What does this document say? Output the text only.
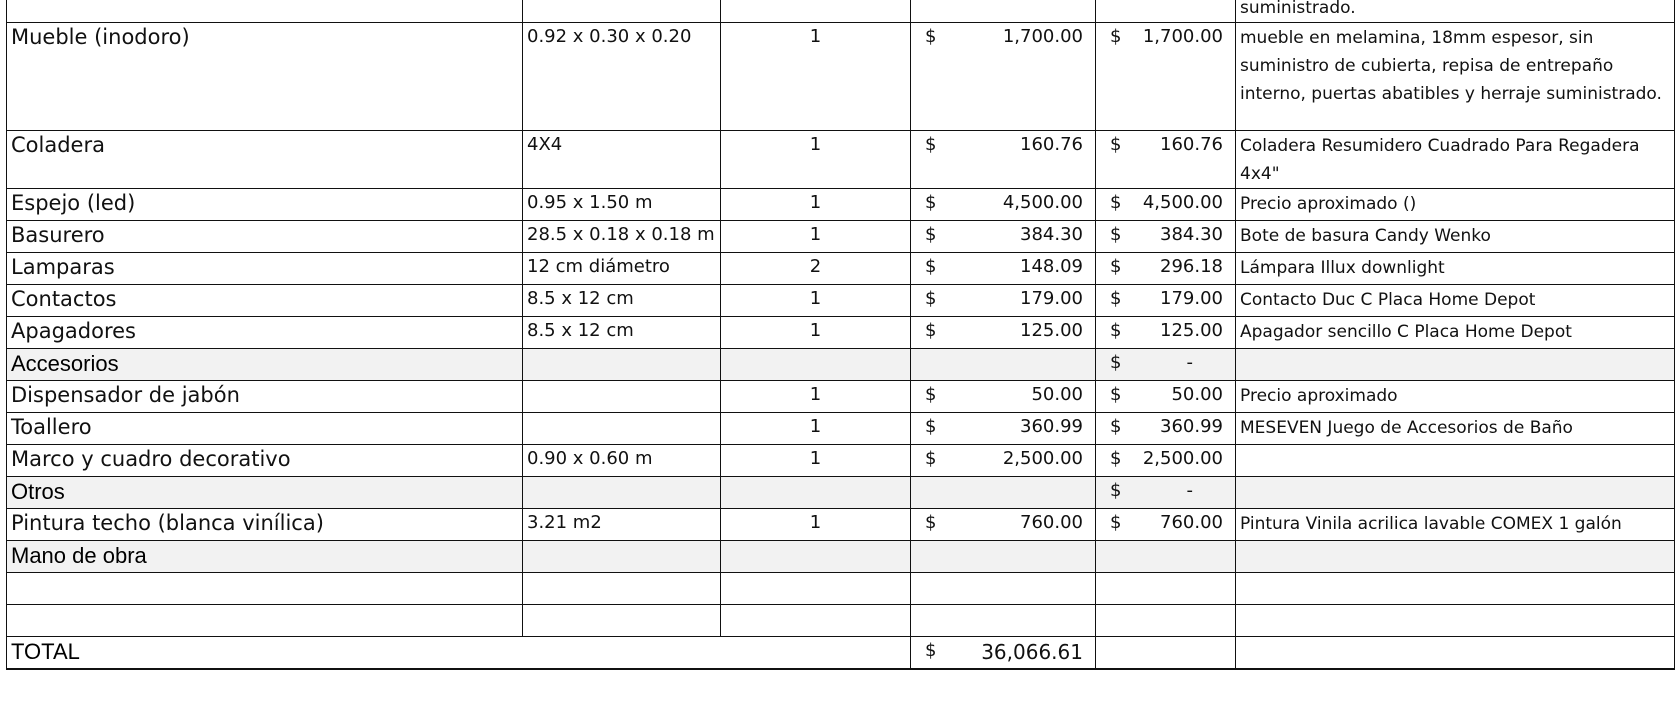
					suministrado.
Mueble (inodoro)	0.92 x 0.30 x 0.20	1	$ 1,700.00	$ 1,700.00	mueble en melamina, 18mm espesor, sin suministro de cubierta, repisa de entrepaño interno, puertas abatibles y herraje suministrado.
Coladera	4X4	1	$ 160.76	$ 160.76	Coladera Resumidero Cuadrado Para Regadera 4x4"
Espejo (led)	0.95 x 1.50 m	1	$ 4,500.00	$ 4,500.00	Precio aproximado ()
Basurero	28.5 x 0.18 x 0.18 m	1	$ 384.30	$ 384.30	Bote de basura Candy Wenko
Lamparas	12 cm diámetro	2	$ 148.09	$ 296.18	Lámpara Illux downlight
Contactos	8.5 x 12 cm	1	$ 179.00	$ 179.00	Contacto Duc C Placa Home Depot
Apagadores	8.5 x 12 cm	1	$ 125.00	$ 125.00	Apagador sencillo C Placa Home Depot
Accesorios				$ -	

Dispensador de jabón		1	$ 50.00	$ 50.00	Precio aproximado
Toallero		1	$ 360.99	$ 360.99	MESEVEN Juego de Accesorios de Baño
Marco y cuadro decorativo	0.90 x 0.60 m	1	$ 2,500.00	$ 2,500.00	

Otros				$ -	

Pintura techo (blanca vinílica)	3.21 m2	1	$ 760.00	$ 760.00	Pintura Vinila acrilica lavable COMEX 1 galón
Mano de obra					

TOTAL			$ 36,066.61		
